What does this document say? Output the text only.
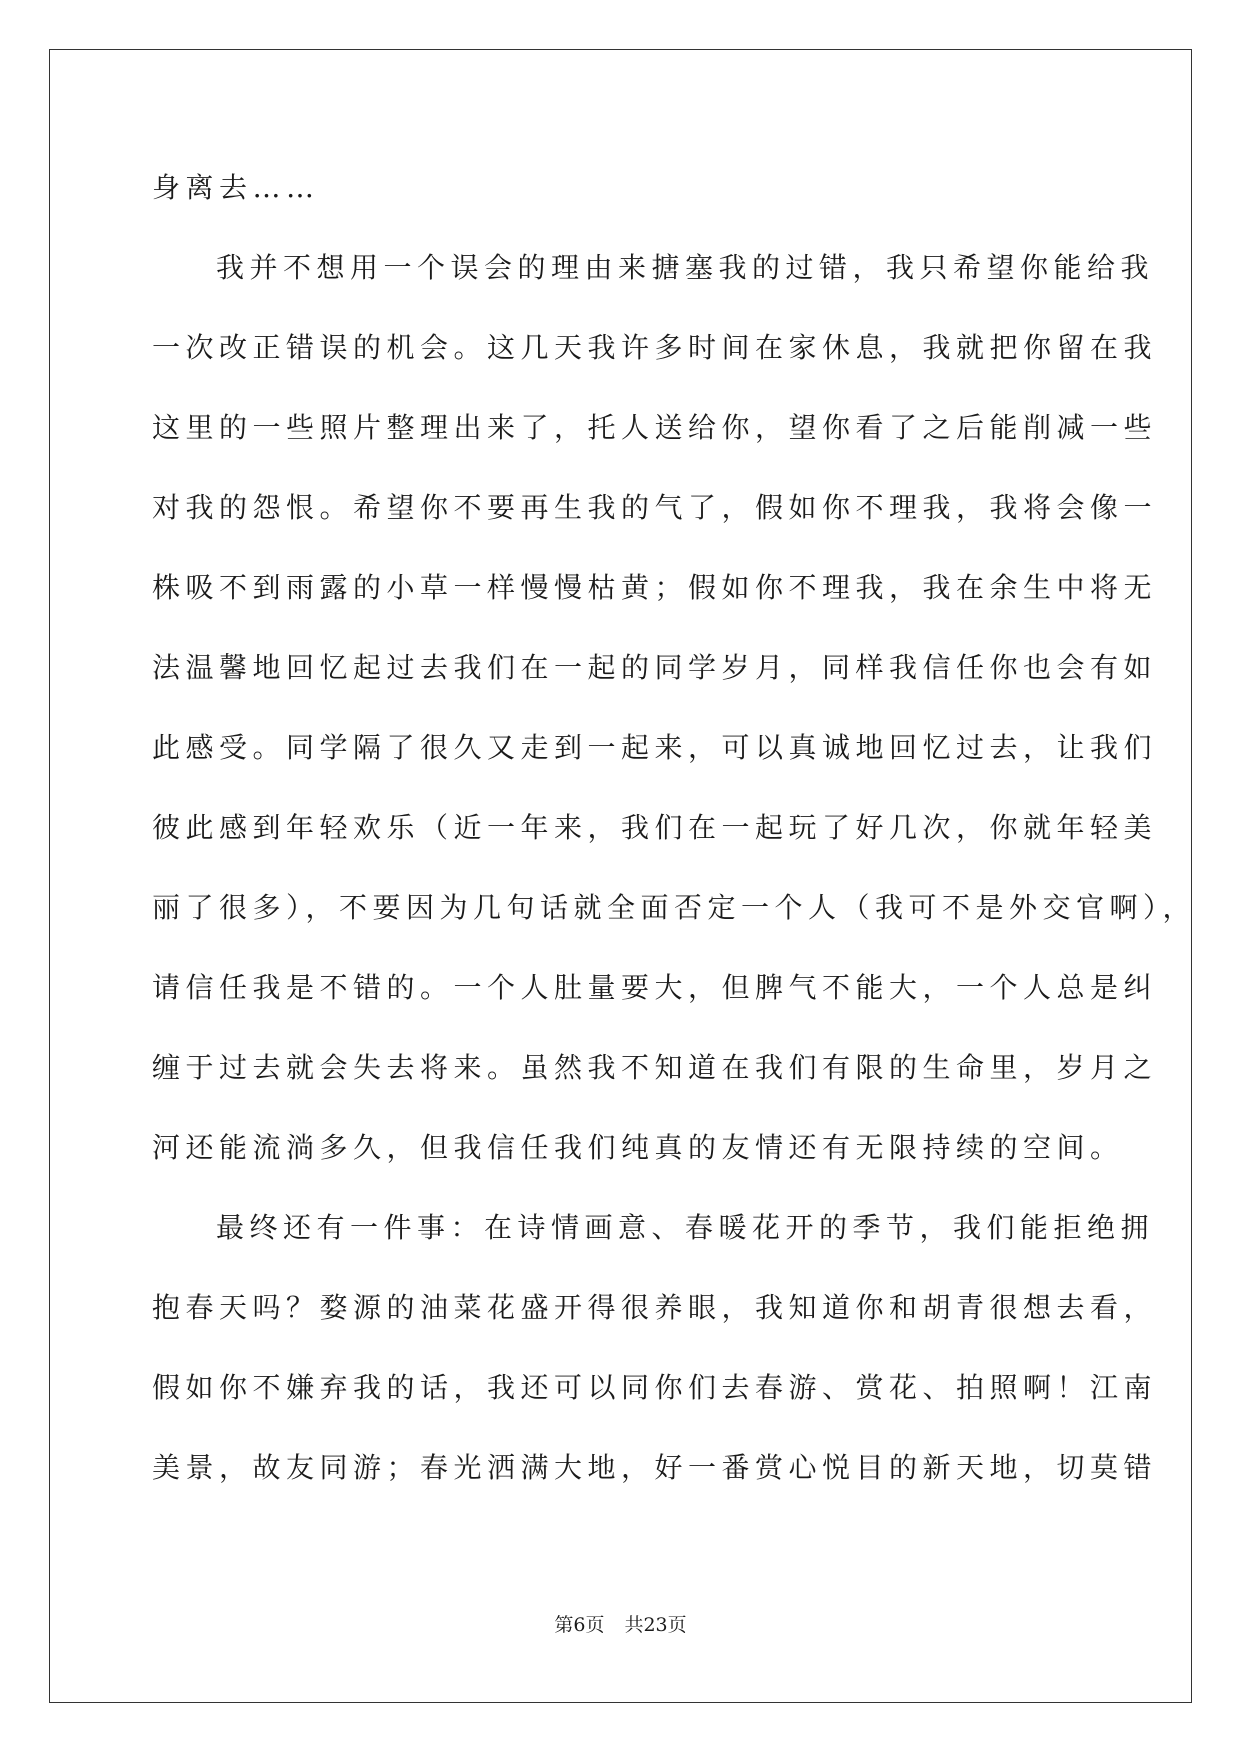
身离去……
我并不想用一个误会的理由来搪塞我的过错，我只希望你能给我
一次改正错误的机会。这几天我许多时间在家休息，我就把你留在我
这里的一些照片整理出来了，托人送给你，望你看了之后能削减一些
对我的怨恨。希望你不要再生我的气了，假如你不理我，我将会像一
株吸不到雨露的小草一样慢慢枯黄；假如你不理我，我在余生中将无
法温馨地回忆起过去我们在一起的同学岁月，同样我信任你也会有如
此感受。同学隔了很久又走到一起来，可以真诚地回忆过去，让我们
彼此感到年轻欢乐（近一年来，我们在一起玩了好几次，你就年轻美
丽了很多），不要因为几句话就全面否定一个人（我可不是外交官啊），
请信任我是不错的。一个人肚量要大，但脾气不能大，一个人总是纠
缠于过去就会失去将来。虽然我不知道在我们有限的生命里，岁月之
河还能流淌多久，但我信任我们纯真的友情还有无限持续的空间。
最终还有一件事：在诗情画意、春暖花开的季节，我们能拒绝拥
抱春天吗？婺源的油菜花盛开得很养眼，我知道你和胡青很想去看，
假如你不嫌弃我的话，我还可以同你们去春游、赏花、拍照啊！江南
美景，故友同游；春光洒满大地，好一番赏心悦目的新天地，切莫错
第6页 共23页
